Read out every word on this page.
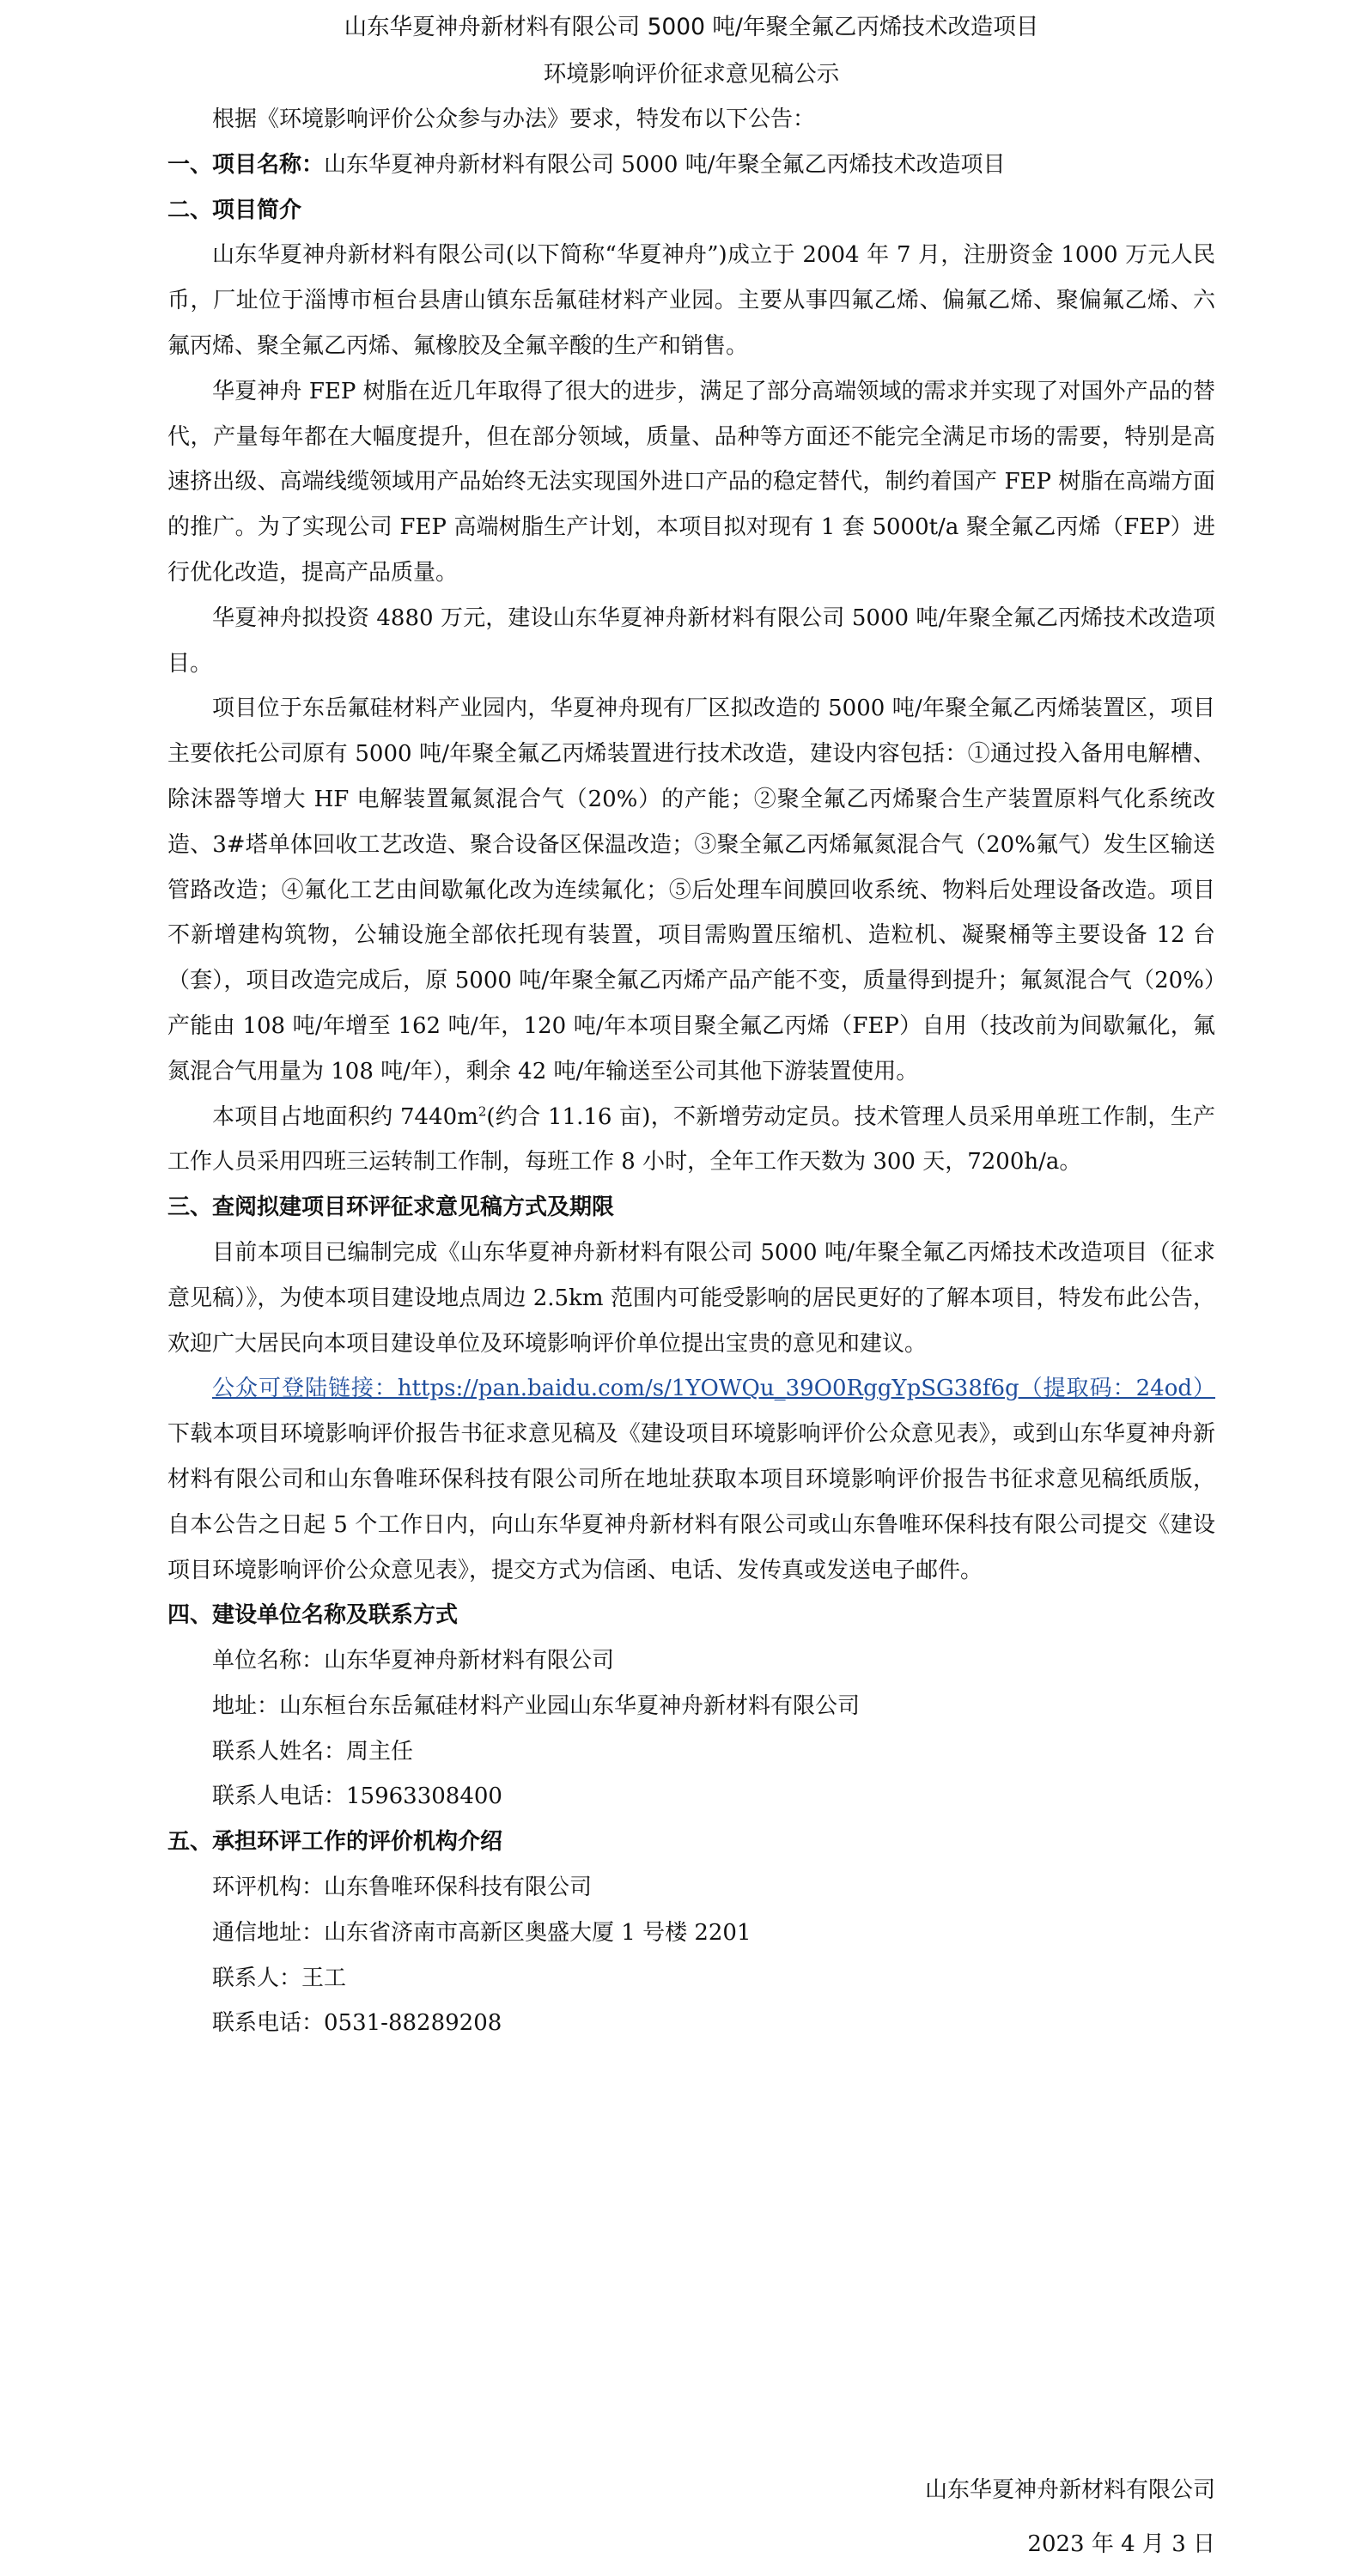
山东华夏神舟新材料有限公司 5000 吨/年聚全氟乙丙烯技术改造项目

环境影响评价征求意见稿公示

根据《环境影响评价公众参与办法》要求，特发布以下公告：

一、项目名称：山东华夏神舟新材料有限公司 5000 吨/年聚全氟乙丙烯技术改造项目

二、项目简介

山东华夏神舟新材料有限公司(以下简称“华夏神舟”)成立于 2004 年 7 月，注册资金 1000 万元人民币，厂址位于淄博市桓台县唐山镇东岳氟硅材料产业园。主要从事四氟乙烯、偏氟乙烯、聚偏氟乙烯、六氟丙烯、聚全氟乙丙烯、氟橡胶及全氟辛酸的生产和销售。

华夏神舟 FEP 树脂在近几年取得了很大的进步，满足了部分高端领域的需求并实现了对国外产品的替代，产量每年都在大幅度提升，但在部分领域，质量、品种等方面还不能完全满足市场的需要，特别是高速挤出级、高端线缆领域用产品始终无法实现国外进口产品的稳定替代，制约着国产 FEP 树脂在高端方面的推广。为了实现公司 FEP 高端树脂生产计划，本项目拟对现有 1 套 5000t/a 聚全氟乙丙烯（FEP）进行优化改造，提高产品质量。

华夏神舟拟投资 4880 万元，建设山东华夏神舟新材料有限公司 5000 吨/年聚全氟乙丙烯技术改造项目。

项目位于东岳氟硅材料产业园内，华夏神舟现有厂区拟改造的 5000 吨/年聚全氟乙丙烯装置区，项目主要依托公司原有 5000 吨/年聚全氟乙丙烯装置进行技术改造，建设内容包括：①通过投入备用电解槽、除沫器等增大 HF 电解装置氟氮混合气（20%）的产能；②聚全氟乙丙烯聚合生产装置原料气化系统改造、3#塔单体回收工艺改造、聚合设备区保温改造；③聚全氟乙丙烯氟氮混合气（20%氟气）发生区输送管路改造；④氟化工艺由间歇氟化改为连续氟化；⑤后处理车间膜回收系统、物料后处理设备改造。项目不新增建构筑物，公辅设施全部依托现有装置，项目需购置压缩机、造粒机、凝聚桶等主要设备 12 台（套），项目改造完成后，原 5000 吨/年聚全氟乙丙烯产品产能不变，质量得到提升；氟氮混合气（20%）产能由 108 吨/年增至 162 吨/年，120 吨/年本项目聚全氟乙丙烯（FEP）自用（技改前为间歇氟化，氟氮混合气用量为 108 吨/年），剩余 42 吨/年输送至公司其他下游装置使用。

本项目占地面积约 $7440m^2$(约合 11.16 亩)，不新增劳动定员。技术管理人员采用单班工作制，生产工作人员采用四班三运转制工作制，每班工作 8 小时，全年工作天数为 300 天，7200h/a。

三、查阅拟建项目环评征求意见稿方式及期限

目前本项目已编制完成《山东华夏神舟新材料有限公司 5000 吨/年聚全氟乙丙烯技术改造项目（征求意见稿）》，为使本项目建设地点周边 2.5km 范围内可能受影响的居民更好的了解本项目，特发布此公告，欢迎广大居民向本项目建设单位及环境影响评价单位提出宝贵的意见和建议。

公众可登陆链接：https://pan.baidu.com/s/1YOWQu_39O0RggYpSG38f6g（提取码：24od）下载本项目环境影响评价报告书征求意见稿及《建设项目环境影响评价公众意见表》，或到山东华夏神舟新材料有限公司和山东鲁唯环保科技有限公司所在地址获取本项目环境影响评价报告书征求意见稿纸质版，自本公告之日起 5 个工作日内，向山东华夏神舟新材料有限公司或山东鲁唯环保科技有限公司提交《建设项目环境影响评价公众意见表》，提交方式为信函、电话、发传真或发送电子邮件。

四、建设单位名称及联系方式

单位名称：山东华夏神舟新材料有限公司

地址：山东桓台东岳氟硅材料产业园山东华夏神舟新材料有限公司

联系人姓名：周主任

联系人电话：15963308400

五、承担环评工作的评价机构介绍

环评机构：山东鲁唯环保科技有限公司

通信地址：山东省济南市高新区奥盛大厦 1 号楼 2201

联系人：王工

联系电话：0531-88289208

山东华夏神舟新材料有限公司
2023 年 4 月 3 日
